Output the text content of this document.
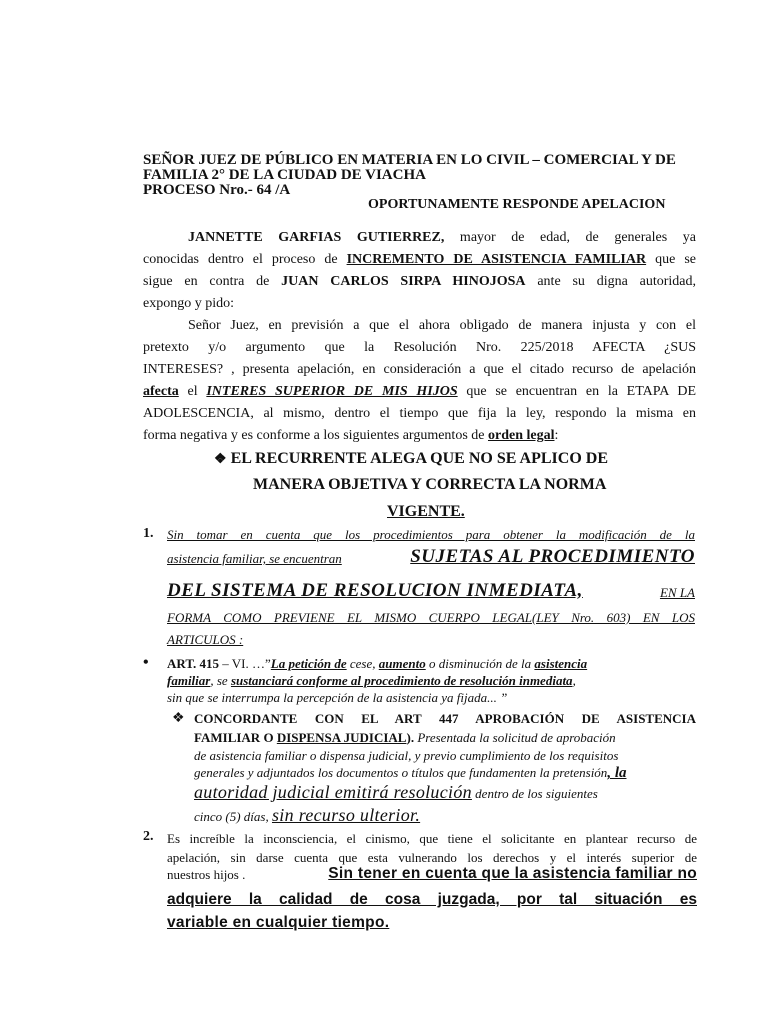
SEÑOR JUEZ DE PÚBLICO EN MATERIA EN LO CIVIL – COMERCIAL Y DE
FAMILIA 2° DE LA CIUDAD DE VIACHA
PROCESO Nro.- 64 /A
OPORTUNAMENTE RESPONDE APELACION

JANNETTE GARFIAS GUTIERREZ, mayor de edad, de generales ya

conocidas dentro el proceso de INCREMENTO DE ASISTENCIA FAMILIAR que se

sigue en contra de JUAN CARLOS SIRPA HINOJOSA ante su digna autoridad,

expongo y pido:

Señor Juez, en previsión a que el ahora obligado de manera injusta y con el

pretexto y/o argumento que la Resolución Nro. 225/2018 AFECTA ¿SUS

INTERESES? , presenta apelación, en consideración a que el citado recurso de apelación

afecta el INTERES SUPERIOR DE MIS HIJOS que se encuentran en la ETAPA DE

ADOLESCENCIA, al mismo, dentro el tiempo que fija la ley, respondo la misma en

forma negativa y es conforme a los siguientes argumentos de orden legal:

❖ EL RECURRENTE ALEGA QUE NO SE APLICO DE
MANERA OBJETIVA Y CORRECTA LA NORMA
VIGENTE.
1. Sin tomar en cuenta que los procedimientos para obtener la modificación de la
asistencia familiar, se encuentran	SUJETAS AL PROCEDIMIENTO
DEL SISTEMA DE RESOLUCION INMEDIATA,	EN LA
FORMA COMO PREVIENE EL MISMO CUERPO LEGAL(LEY Nro. 603) EN LOS
ARTICULOS :
• ART. 415 – VI. …”La petición de cese, aumento o disminución de la asistencia
familiar, se sustanciará conforme al procedimiento de resolución inmediata,
sin que se interrumpa la percepción de la asistencia ya fijada... ”
❖ CONCORDANTE CON EL ART 447 APROBACIÓN DE ASISTENCIA
FAMILIAR O DISPENSA JUDICIAL). Presentada la solicitud de aprobación
de asistencia familiar o dispensa judicial, y previo cumplimiento de los requisitos
generales y adjuntados los documentos o títulos que fundamenten la pretensión, la
autoridad judicial emitirá resolución dentro de los siguientes
cinco (5) días, sin recurso ulterior.
2. Es increíble la inconsciencia, el cinismo, que tiene el solicitante en plantear recurso de
apelación, sin darse cuenta que esta vulnerando los derechos y el interés superior de
nuestros hijos .	Sin tener en cuenta que la asistencia familiar no
adquiere la calidad de cosa juzgada, por tal situación es
variable en cualquier tiempo.
